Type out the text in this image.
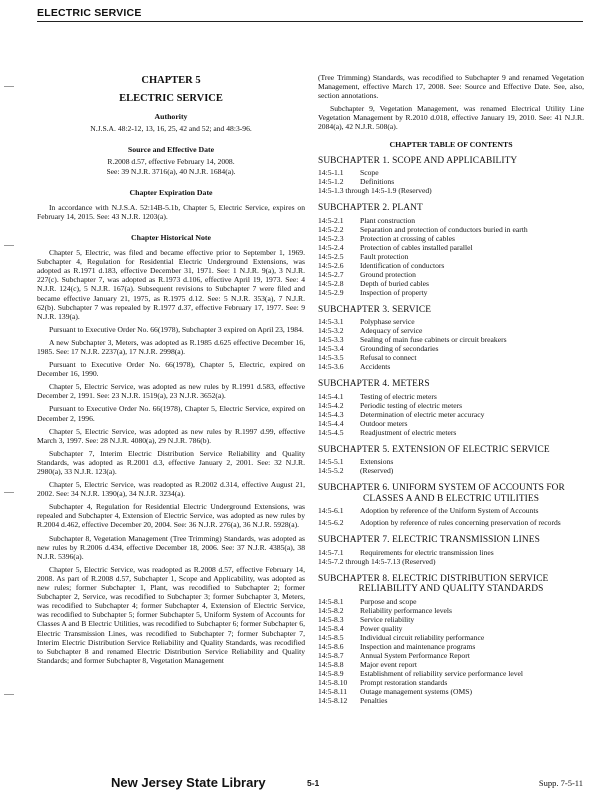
ELECTRIC SERVICE
CHAPTER 5
ELECTRIC SERVICE
Authority
N.J.S.A. 48:2-12, 13, 16, 25, 42 and 52; and 48:3-96.
Source and Effective Date
R.2008 d.57, effective February 14, 2008.
See: 39 N.J.R. 3716(a), 40 N.J.R. 1684(a).
Chapter Expiration Date
In accordance with N.J.S.A. 52:14B-5.1b, Chapter 5, Electric Service, expires on February 14, 2015. See: 43 N.J.R. 1203(a).
Chapter Historical Note
Chapter 5, Electric, was filed and became effective prior to September 1, 1969. Subchapter 4, Regulation for Residential Electric Underground Extensions, was adopted as R.1971 d.183, effective December 31, 1971. See: 1 N.J.R. 9(a), 3 N.J.R. 227(c). Subchapter 7, was adopted as R.1973 d.106, effective April 19, 1973. See: 4 N.J.R. 124(c), 5 N.J.R. 167(a). Subsequent revisions to Subchapter 7 were filed and became effective January 21, 1975, as R.1975 d.12. See: 5 N.J.R. 353(a), 7 N.J.R. 62(b). Subchapter 7 was repealed by R.1977 d.37, effective February 17, 1977. See: 9 N.J.R. 139(a).
Pursuant to Executive Order No. 66(1978), Subchapter 3 expired on April 23, 1984.
A new Subchapter 3, Meters, was adopted as R.1985 d.625 effective December 16, 1985. See: 17 N.J.R. 2237(a), 17 N.J.R. 2998(a).
Pursuant to Executive Order No. 66(1978), Chapter 5, Electric, expired on December 16, 1990.
Chapter 5, Electric Service, was adopted as new rules by R.1991 d.583, effective December 2, 1991. See: 23 N.J.R. 1519(a), 23 N.J.R. 3652(a).
Pursuant to Executive Order No. 66(1978), Chapter 5, Electric Service, expired on December 2, 1996.
Chapter 5, Electric Service, was adopted as new rules by R.1997 d.99, effective March 3, 1997. See: 28 N.J.R. 4080(a), 29 N.J.R. 786(b).
Subchapter 7, Interim Electric Distribution Service Reliability and Quality Standards, was adopted as R.2001 d.3, effective January 2, 2001. See: 32 N.J.R. 2980(a), 33 N.J.R. 123(a).
Chapter 5, Electric Service, was readopted as R.2002 d.314, effective August 21, 2002. See: 34 N.J.R. 1390(a), 34 N.J.R. 3234(a).
Subchapter 4, Regulation for Residential Electric Underground Extensions, was repealed and Subchapter 4, Extension of Electric Service, was adopted as new rules by R.2004 d.462, effective December 20, 2004. See: 36 N.J.R. 276(a), 36 N.J.R. 5928(a).
Subchapter 8, Vegetation Management (Tree Trimming) Standards, was adopted as new rules by R.2006 d.434, effective December 18, 2006. See: 37 N.J.R. 4385(a), 38 N.J.R. 5396(a).
Chapter 5, Electric Service, was readopted as R.2008 d.57, effective February 14, 2008. As part of R.2008 d.57, Subchapter 1, Scope and Applicability, was adopted as new rules; former Subchapter 1, Plant, was recodified to Subchapter 2; former Subchapter 2, Service, was recodified to Subchapter 3; former Subchapter 3, Meters, was recodified to Subchapter 4; former Subchapter 4, Extension of Electric Service, was recodified to Subchapter 5; former Subchapter 5, Uniform System of Accounts for Classes A and B Electric Utilities, was recodified to Subchapter 6; former Subchapter 6, Electric Transmission Lines, was recodified to Subchapter 7; former Subchapter 7, Interim Electric Distribution Service Reliability and Quality Standards, was recodified to Subchapter 8 and renamed Electric Distribution Service Reliability and Quality Standards; and former Subchapter 8, Vegetation Management
(Tree Trimming) Standards, was recodified to Subchapter 9 and renamed Vegetation Management, effective March 17, 2008. See: Source and Effective Date. See, also, section annotations.
Subchapter 9, Vegetation Management, was renamed Electrical Utility Line Vegetation Management by R.2010 d.018, effective January 19, 2010. See: 41 N.J.R. 2084(a), 42 N.J.R. 508(a).
CHAPTER TABLE OF CONTENTS
SUBCHAPTER 1. SCOPE AND APPLICABILITY
14:5-1.1	Scope
14:5-1.2	Definitions
14:5-1.3 through 14:5-1.9 (Reserved)
SUBCHAPTER 2. PLANT
14:5-2.1	Plant construction
14:5-2.2	Separation and protection of conductors buried in earth
14:5-2.3	Protection at crossing of cables
14:5-2.4	Protection of cables installed parallel
14:5-2.5	Fault protection
14:5-2.6	Identification of conductors
14:5-2.7	Ground protection
14:5-2.8	Depth of buried cables
14:5-2.9	Inspection of property
SUBCHAPTER 3. SERVICE
14:5-3.1	Polyphase service
14:5-3.2	Adequacy of service
14:5-3.3	Sealing of main fuse cabinets or circuit breakers
14:5-3.4	Grounding of secondaries
14:5-3.5	Refusal to connect
14:5-3.6	Accidents
SUBCHAPTER 4. METERS
14:5-4.1	Testing of electric meters
14:5-4.2	Periodic testing of electric meters
14:5-4.3	Determination of electric meter accuracy
14:5-4.4	Outdoor meters
14:5-4.5	Readjustment of electric meters
SUBCHAPTER 5. EXTENSION OF ELECTRIC SERVICE
14:5-5.1	Extensions
14:5-5.2	(Reserved)
SUBCHAPTER 6. UNIFORM SYSTEM OF ACCOUNTS FOR
CLASSES A AND B ELECTRIC UTILITIES
14:5-6.1	Adoption by reference of the Uniform System of Accounts
14:5-6.2	Adoption by reference of rules concerning preservation of records
SUBCHAPTER 7. ELECTRIC TRANSMISSION LINES
14:5-7.1	Requirements for electric transmission lines
14:5-7.2 through 14:5-7.13 (Reserved)
SUBCHAPTER 8. ELECTRIC DISTRIBUTION SERVICE
RELIABILITY AND QUALITY STANDARDS
14:5-8.1	Purpose and scope
14:5-8.2	Reliability performance levels
14:5-8.3	Service reliability
14:5-8.4	Power quality
14:5-8.5	Individual circuit reliability performance
14:5-8.6	Inspection and maintenance programs
14:5-8.7	Annual System Performance Report
14:5-8.8	Major event report
14:5-8.9	Establishment of reliability service performance level
14:5-8.10	Prompt restoration standards
14:5-8.11	Outage management systems (OMS)
14:5-8.12	Penalties
New Jersey State Library	5-1	Supp. 7-5-11
